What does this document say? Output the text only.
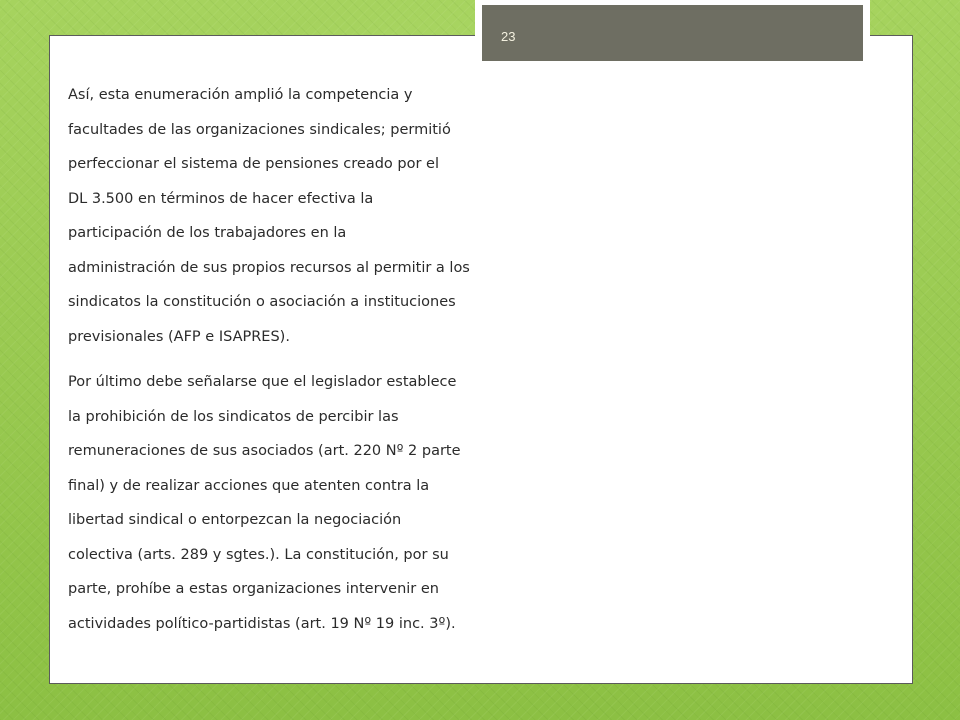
23

Así, esta enumeración amplió la competencia y
facultades de las organizaciones sindicales; permitió
perfeccionar el sistema de pensiones creado por el
DL 3.500 en términos de hacer efectiva la
participación de los trabajadores en la
administración de sus propios recursos al permitir a los
sindicatos la constitución o asociación a instituciones
previsionales (AFP e ISAPRES).

Por último debe señalarse que el legislador establece
la prohibición de los sindicatos de percibir las
remuneraciones de sus asociados (art. 220 Nº 2 parte
final) y de realizar acciones que atenten contra la
libertad sindical o entorpezcan la negociación
colectiva (arts. 289 y sgtes.). La constitución, por su
parte, prohíbe a estas organizaciones intervenir en
actividades político-partidistas (art. 19 Nº 19 inc. 3º).
